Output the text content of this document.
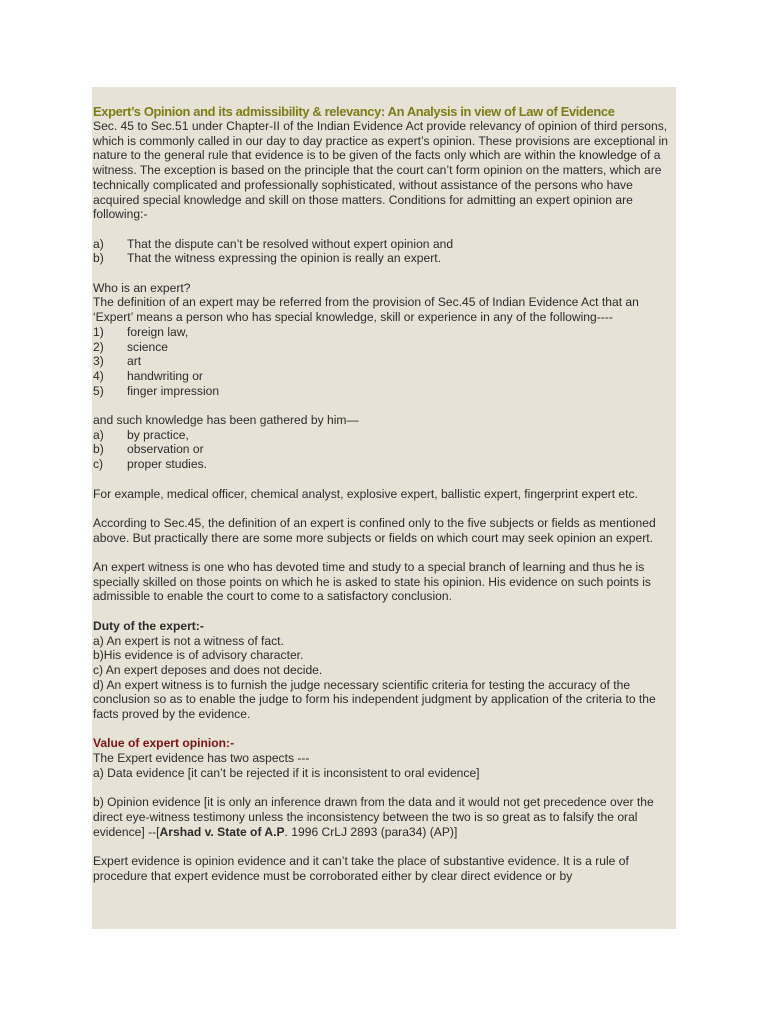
Expert’s Opinion and its admissibility & relevancy: An Analysis in view of Law of Evidence
Sec. 45 to Sec.51 under Chapter-II of the Indian Evidence Act provide relevancy of opinion of third persons, which is commonly called in our day to day practice as expert’s opinion. These provisions are exceptional in nature to the general rule that evidence is to be given of the facts only which are within the knowledge of a witness. The exception is based on the principle that the court can’t form opinion on the matters, which are technically complicated and professionally sophisticated, without assistance of the persons who have acquired special knowledge and skill on those matters. Conditions for admitting an expert opinion are following:-
a)	That the dispute can’t be resolved without expert opinion and
b)	That the witness expressing the opinion is really an expert.
Who is an expert?
The definition of an expert may be referred from the provision of Sec.45 of Indian Evidence Act that an ‘Expert’ means a person who has special knowledge, skill or experience in any of the following----
1)	foreign law,
2)	science
3)	art
4)	handwriting or
5)	finger impression
and such knowledge has been gathered by him—
a)	by practice,
b)	observation or
c)	proper studies.
For example, medical officer, chemical analyst, explosive expert, ballistic expert, fingerprint expert etc.
According to Sec.45, the definition of an expert is confined only to the five subjects or fields as mentioned above. But practically there are some more subjects or fields on which court may seek opinion an expert.
An expert witness is one who has devoted time and study to a special branch of learning and thus he is specially skilled on those points on which he is asked to state his opinion. His evidence on such points is admissible to enable the court to come to a satisfactory conclusion.
Duty of the expert:-
a) An expert is not a witness of fact.
b)His evidence is of advisory character.
c) An expert deposes and does not decide.
d) An expert witness is to furnish the judge necessary scientific criteria for testing the accuracy of the conclusion so as to enable the judge to form his independent judgment by application of the criteria to the facts proved by the evidence.
Value of expert opinion:-
The Expert evidence has two aspects ---
a) Data evidence [it can’t be rejected if it is inconsistent to oral evidence]
b) Opinion evidence [it is only an inference drawn from the data and it would not get precedence over the direct eye-witness testimony unless the inconsistency between the two is so great as to falsify the oral evidence] --[Arshad v. State of A.P. 1996 CrLJ 2893 (para34) (AP)]
Expert evidence is opinion evidence and it can’t take the place of substantive evidence. It is a rule of procedure that expert evidence must be corroborated either by clear direct evidence or by
